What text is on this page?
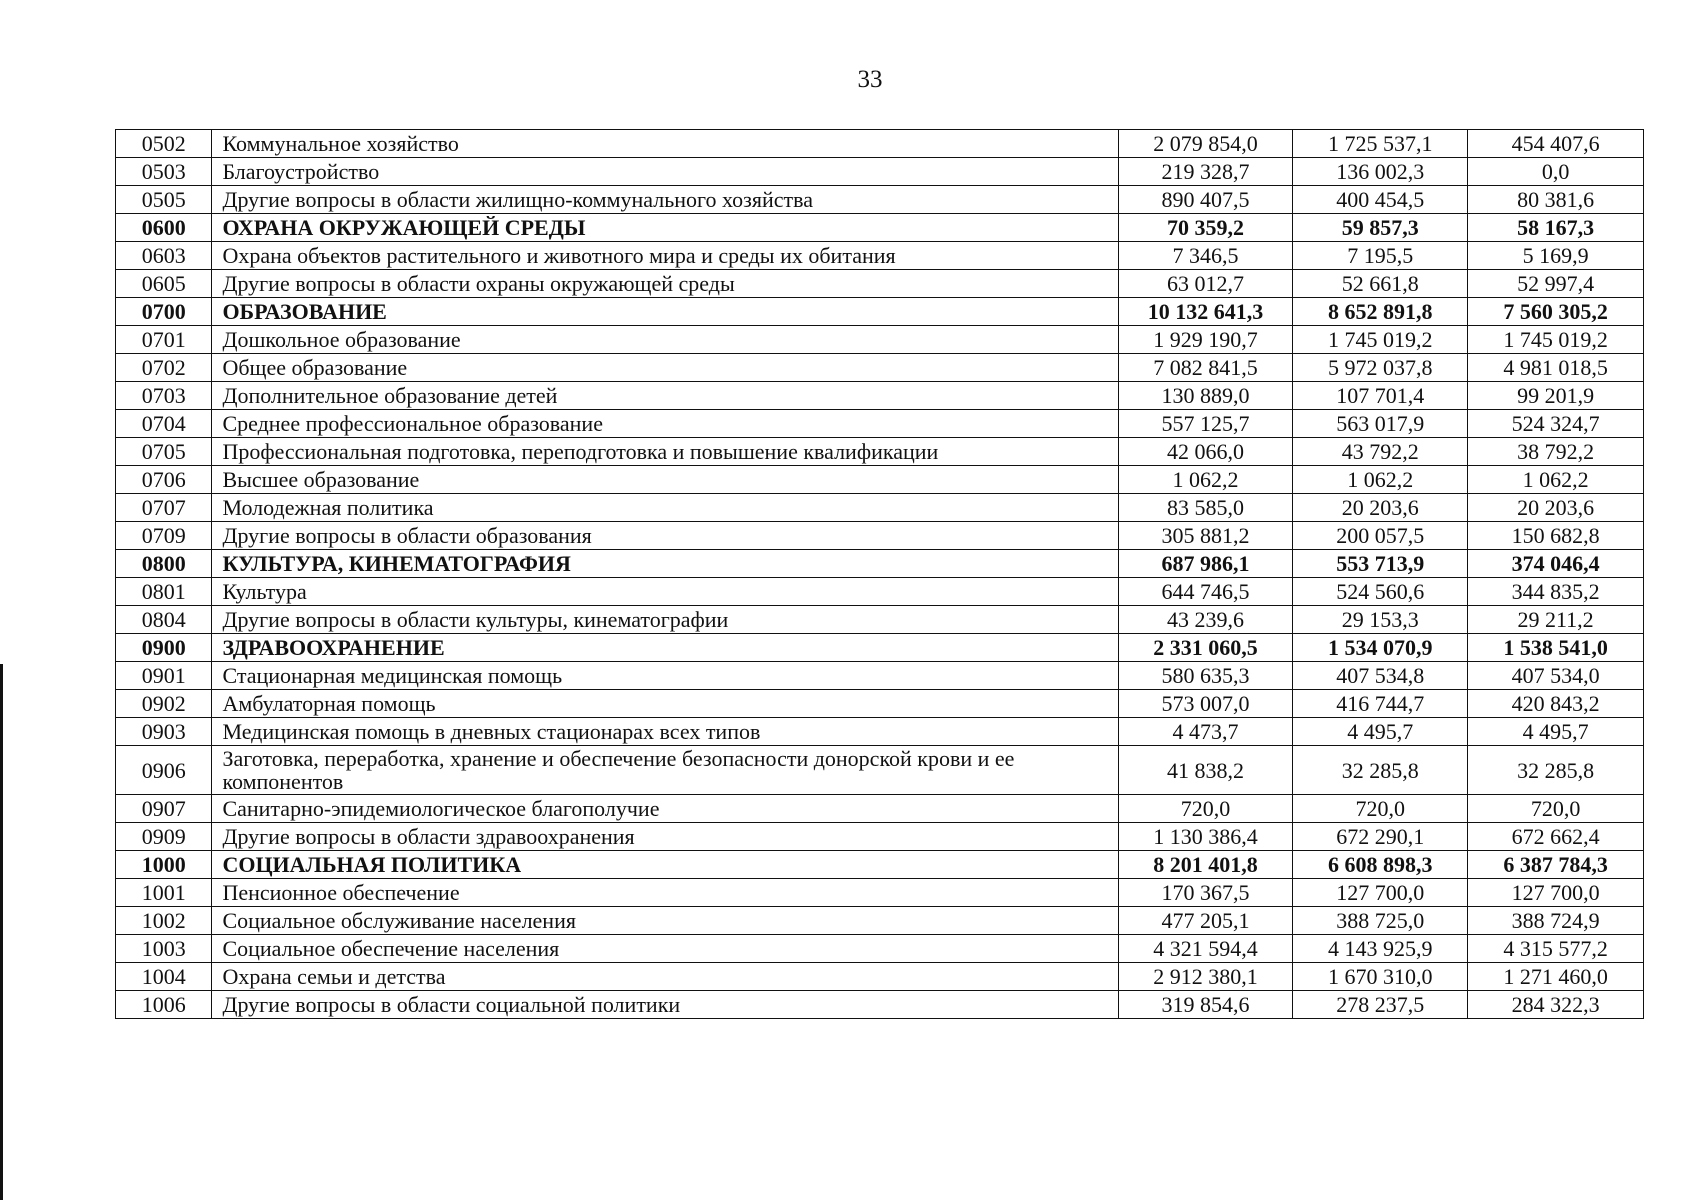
33
0502	Коммунальное хозяйство	2 079 854,0	1 725 537,1	454 407,6
0503	Благоустройство	219 328,7	136 002,3	0,0
0505	Другие вопросы в области жилищно-коммунального хозяйства	890 407,5	400 454,5	80 381,6
0600	ОХРАНА ОКРУЖАЮЩЕЙ СРЕДЫ	70 359,2	59 857,3	58 167,3
0603	Охрана объектов растительного и животного мира и среды их обитания	7 346,5	7 195,5	5 169,9
0605	Другие вопросы в области охраны окружающей среды	63 012,7	52 661,8	52 997,4
0700	ОБРАЗОВАНИЕ	10 132 641,3	8 652 891,8	7 560 305,2
0701	Дошкольное образование	1 929 190,7	1 745 019,2	1 745 019,2
0702	Общее образование	7 082 841,5	5 972 037,8	4 981 018,5
0703	Дополнительное образование детей	130 889,0	107 701,4	99 201,9
0704	Среднее профессиональное образование	557 125,7	563 017,9	524 324,7
0705	Профессиональная подготовка, переподготовка и повышение квалификации	42 066,0	43 792,2	38 792,2
0706	Высшее образование	1 062,2	1 062,2	1 062,2
0707	Молодежная политика	83 585,0	20 203,6	20 203,6
0709	Другие вопросы в области образования	305 881,2	200 057,5	150 682,8
0800	КУЛЬТУРА, КИНЕМАТОГРАФИЯ	687 986,1	553 713,9	374 046,4
0801	Культура	644 746,5	524 560,6	344 835,2
0804	Другие вопросы в области культуры, кинематографии	43 239,6	29 153,3	29 211,2
0900	ЗДРАВООХРАНЕНИЕ	2 331 060,5	1 534 070,9	1 538 541,0
0901	Стационарная медицинская помощь	580 635,3	407 534,8	407 534,0
0902	Амбулаторная помощь	573 007,0	416 744,7	420 843,2
0903	Медицинская помощь в дневных стационарах всех типов	4 473,7	4 495,7	4 495,7
0906	Заготовка, переработка, хранение и обеспечение безопасности донорской крови и ее компонентов	41 838,2	32 285,8	32 285,8
0907	Санитарно-эпидемиологическое благополучие	720,0	720,0	720,0
0909	Другие вопросы в области здравоохранения	1 130 386,4	672 290,1	672 662,4
1000	СОЦИАЛЬНАЯ ПОЛИТИКА	8 201 401,8	6 608 898,3	6 387 784,3
1001	Пенсионное обеспечение	170 367,5	127 700,0	127 700,0
1002	Социальное обслуживание населения	477 205,1	388 725,0	388 724,9
1003	Социальное обеспечение населения	4 321 594,4	4 143 925,9	4 315 577,2
1004	Охрана семьи и детства	2 912 380,1	1 670 310,0	1 271 460,0
1006	Другие вопросы в области социальной политики	319 854,6	278 237,5	284 322,3
